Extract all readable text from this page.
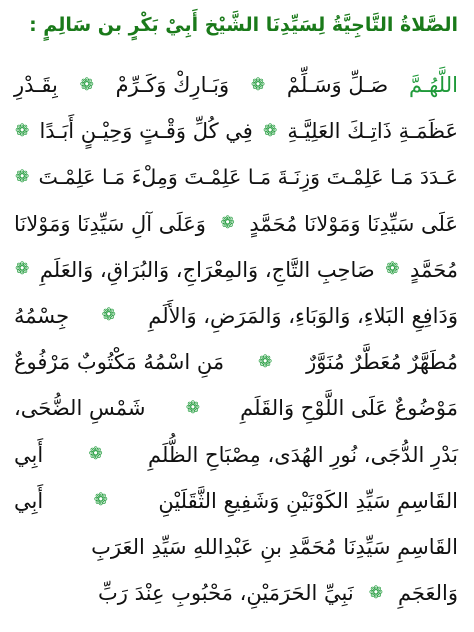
الصَّلاةُ التَّاجِيَّةُ لِسَيِّدِنَا الشَّيْخ أَبِيْ بَكْرٍ بن سَالِمٍ :
اللَّهُـمَّ
صَـلِّ وَسَـلِّمْ
❁
وَبَـارِكْ وَكَـرِّمْ
❁
بِقَـدْرِ
عَظَمَـةِ ذَاتِـكَ العَلِيَّـةِ
❁
فِي كُلِّ وَقْـتٍ وَحِيْـنٍ أَبَـدًا
❁
عَـدَدَ مَـا عَلِمْـتَ وَزِنَـةَ مَـا عَلِمْـتَ وَمِلْءَ مَـا عَلِمْـتَ
❁
عَلَى سَيِّدِنَا وَمَوْلانَا مُحَمَّدٍ
❁
وَعَلَى آلِ سَيِّدِنَا وَمَوْلانَا
مُحَمَّدٍ
❁
صَاحِبِ التَّاجِ، وَالمِعْرَاجِ، وَالبُرَاقِ، وَالعَلَمِ
❁
وَدَافِعِ البَلاءِ، وَالوَبَاءِ، وَالمَرَضِ، وَالأَلَمِ
❁
جِسْمُهُ
مُطَهَّرٌ مُعَطَّرٌ مُنَوَّرٌ
❁
مَنِ اسْمُهُ مَكْتُوبٌ مَرْفُوعٌ
مَوْضُوعٌ عَلَى اللَّوْحِ وَالقَلَمِ
❁
شَمْسِ الضُّحَى،
بَدْرِ الدُّجَى، نُورِ الهُدَى، مِصْبَاحِ الظُّلَمِ
❁
أَبِي
القَاسِمِ سَيِّدِ الكَوْنَيْنِ وَشَفِيعِ الثَّقَلَيْنِ
❁
أَبِي
القَاسِمِ سَيِّدِنَا مُحَمَّدِ بنِ عَبْدِاللهِ سَيِّدِ العَرَبِ
وَالعَجَمِ
❁
نَبِيِّ الحَرَمَيْنِ، مَحْبُوبِ عِنْدَ رَبِّ
